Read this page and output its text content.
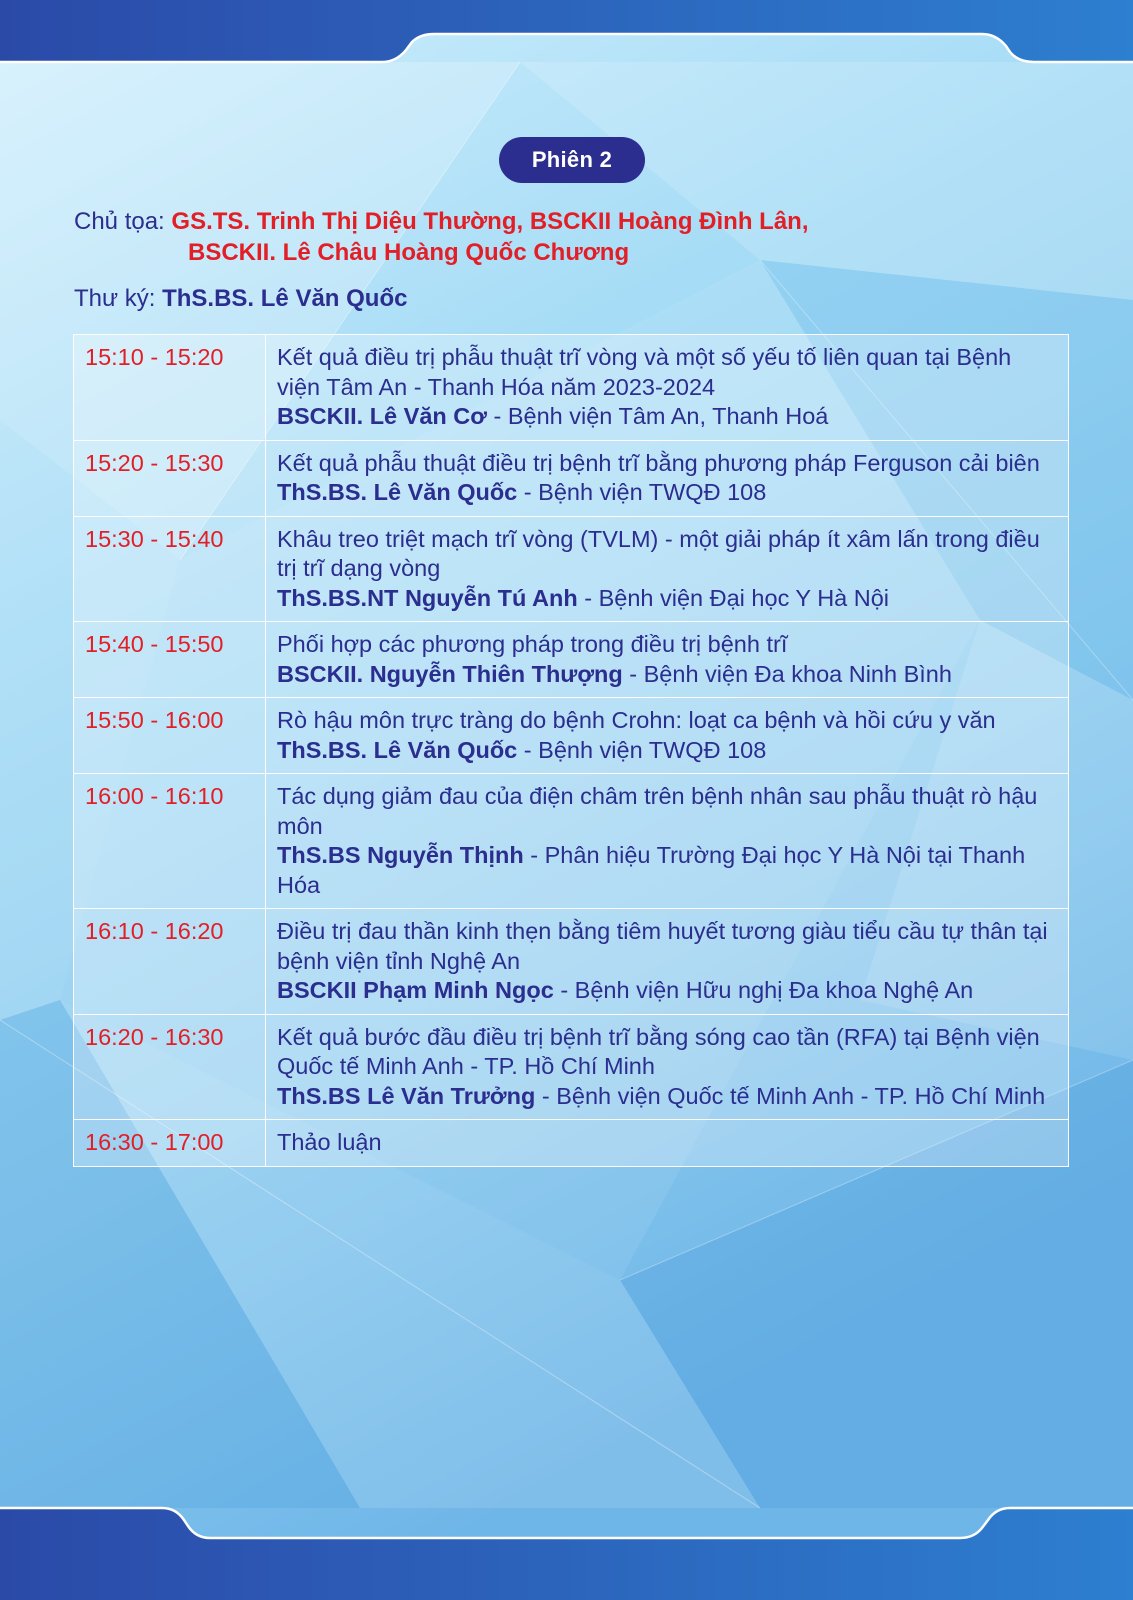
Phiên 2
Chủ tọa: GS.TS. Trinh Thị Diệu Thường, BSCKII Hoàng Đình Lân,
BSCKII. Lê Châu Hoàng Quốc Chương
Thư ký: ThS.BS. Lê Văn Quốc
15:10 - 15:20	Kết quả điều trị phẫu thuật trĩ vòng và một số yếu tố liên quan tại Bệnh viện Tâm An - Thanh Hóa năm 2023-2024
BSCKII. Lê Văn Cơ - Bệnh viện Tâm An, Thanh Hoá

15:20 - 15:30	Kết quả phẫu thuật điều trị bệnh trĩ bằng phương pháp Ferguson cải biên
ThS.BS. Lê Văn Quốc - Bệnh viện TWQĐ 108

15:30 - 15:40	Khâu treo triệt mạch trĩ vòng (TVLM) - một giải pháp ít xâm lấn trong điều trị trĩ dạng vòng
ThS.BS.NT Nguyễn Tú Anh - Bệnh viện Đại học Y Hà Nội

15:40 - 15:50	Phối hợp các phương pháp trong điều trị bệnh trĩ
BSCKII. Nguyễn Thiên Thượng - Bệnh viện Đa khoa Ninh Bình

15:50 - 16:00	Rò hậu môn trực tràng do bệnh Crohn: loạt ca bệnh và hồi cứu y văn
ThS.BS. Lê Văn Quốc - Bệnh viện TWQĐ 108

16:00 - 16:10	Tác dụng giảm đau của điện châm trên bệnh nhân sau phẫu thuật rò hậu môn
ThS.BS Nguyễn Thịnh - Phân hiệu Trường Đại học Y Hà Nội tại Thanh Hóa

16:10 - 16:20	Điều trị đau thần kinh thẹn bằng tiêm huyết tương giàu tiểu cầu tự thân tại bệnh viện tỉnh Nghệ An
BSCKII Phạm Minh Ngọc - Bệnh viện Hữu nghị Đa khoa Nghệ An

16:20 - 16:30	Kết quả bước đầu điều trị bệnh trĩ bằng sóng cao tần (RFA) tại Bệnh viện Quốc tế Minh Anh - TP. Hồ Chí Minh
ThS.BS Lê Văn Trưởng - Bệnh viện Quốc tế Minh Anh - TP. Hồ Chí Minh

16:30 - 17:00	Thảo luận
